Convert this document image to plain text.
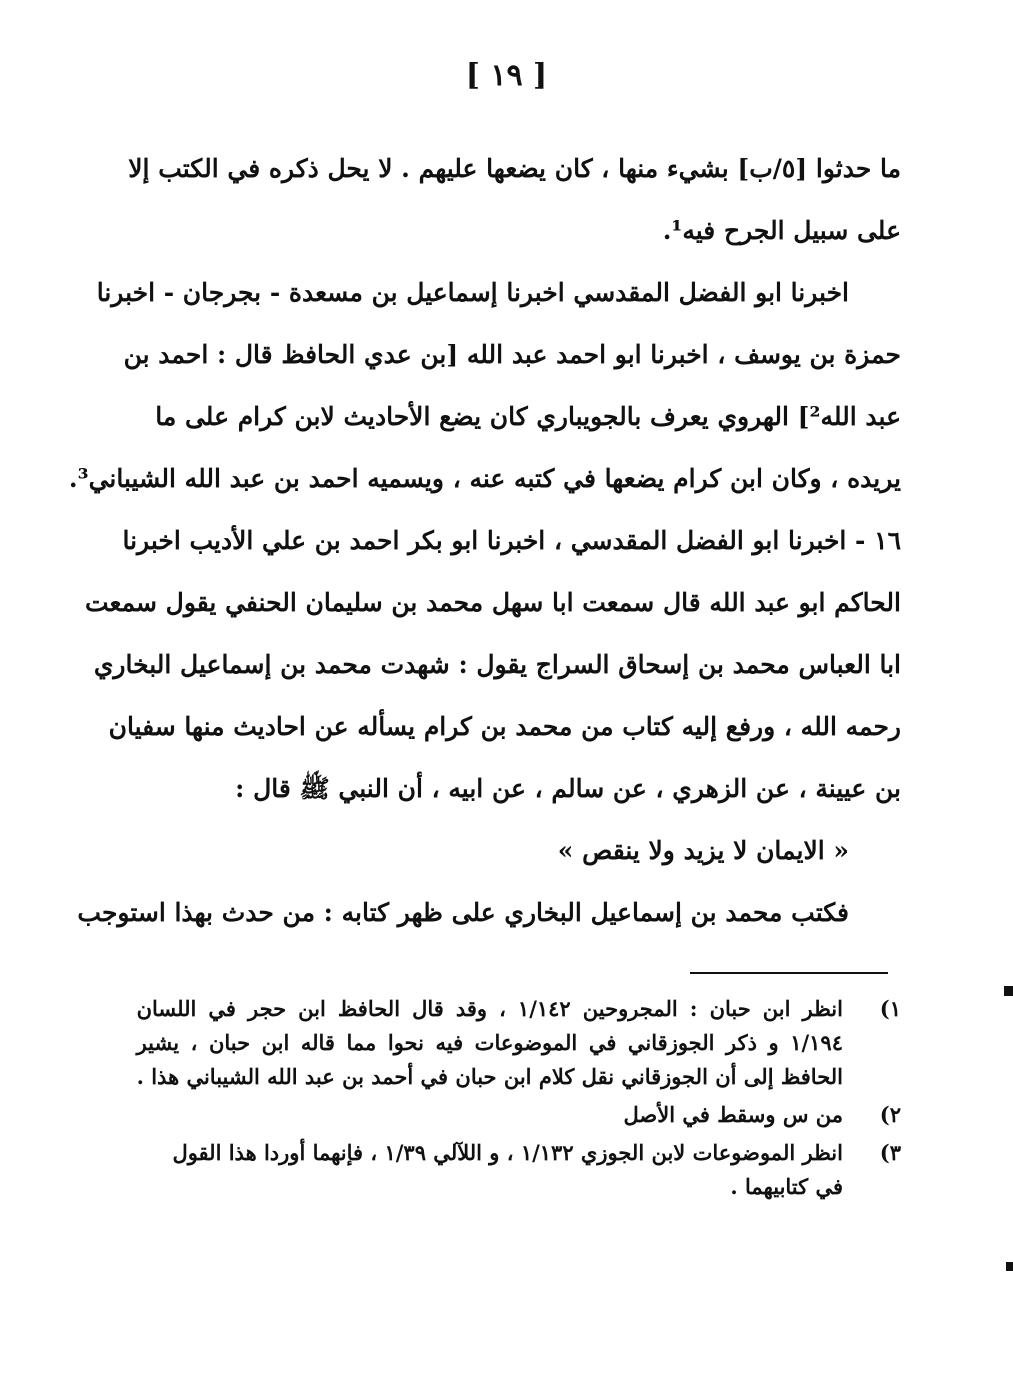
[ ١٩ ]
ما حدثوا [٥/ب] بشيء منها ، كان يضعها عليهم . لا يحل ذكره في الكتب إلا
على سبيل الجرح فيه¹.
اخبرنا ابو الفضل المقدسي اخبرنا إسماعيل بن مسعدة - بجرجان - اخبرنا
حمزة بن يوسف ، اخبرنا ابو احمد عبد الله [بن عدي الحافظ قال : احمد بن
عبد الله²] الهروي يعرف بالجويباري كان يضع الأحاديث لابن كرام على ما
يريده ، وكان ابن كرام يضعها في كتبه عنه ، ويسميه احمد بن عبد الله الشيباني³.
١٦ - اخبرنا ابو الفضل المقدسي ، اخبرنا ابو بكر احمد بن علي الأديب اخبرنا
الحاكم ابو عبد الله قال سمعت ابا سهل محمد بن سليمان الحنفي يقول سمعت
ابا العباس محمد بن إسحاق السراج يقول : شهدت محمد بن إسماعيل البخاري
رحمه الله ، ورفع إليه كتاب من محمد بن كرام يسأله عن احاديث منها سفيان
بن عيينة ، عن الزهري ، عن سالم ، عن ابيه ، أن النبي ﷺ قال :
« الايمان لا يزيد ولا ينقص »
فكتب محمد بن إسماعيل البخاري على ظهر كتابه : من حدث بهذا استوجب
١)
انظر ابن حبان : المجروحين ١/١٤٢ ، وقد قال الحافظ ابن حجر في اللسان
١/١٩٤ و ذكر الجوزقاني في الموضوعات فيه نحوا مما قاله ابن حبان ، يشير
الحافظ إلى أن الجوزقاني نقل كلام ابن حبان في أحمد بن عبد الله الشيباني هذا .
٢)
من س وسقط في الأصل
٣)
انظر الموضوعات لابن الجوزي ١/١٣٢ ، و اللآلي ١/٣٩ ، فإنهما أوردا هذا القول
في كتابيهما .
